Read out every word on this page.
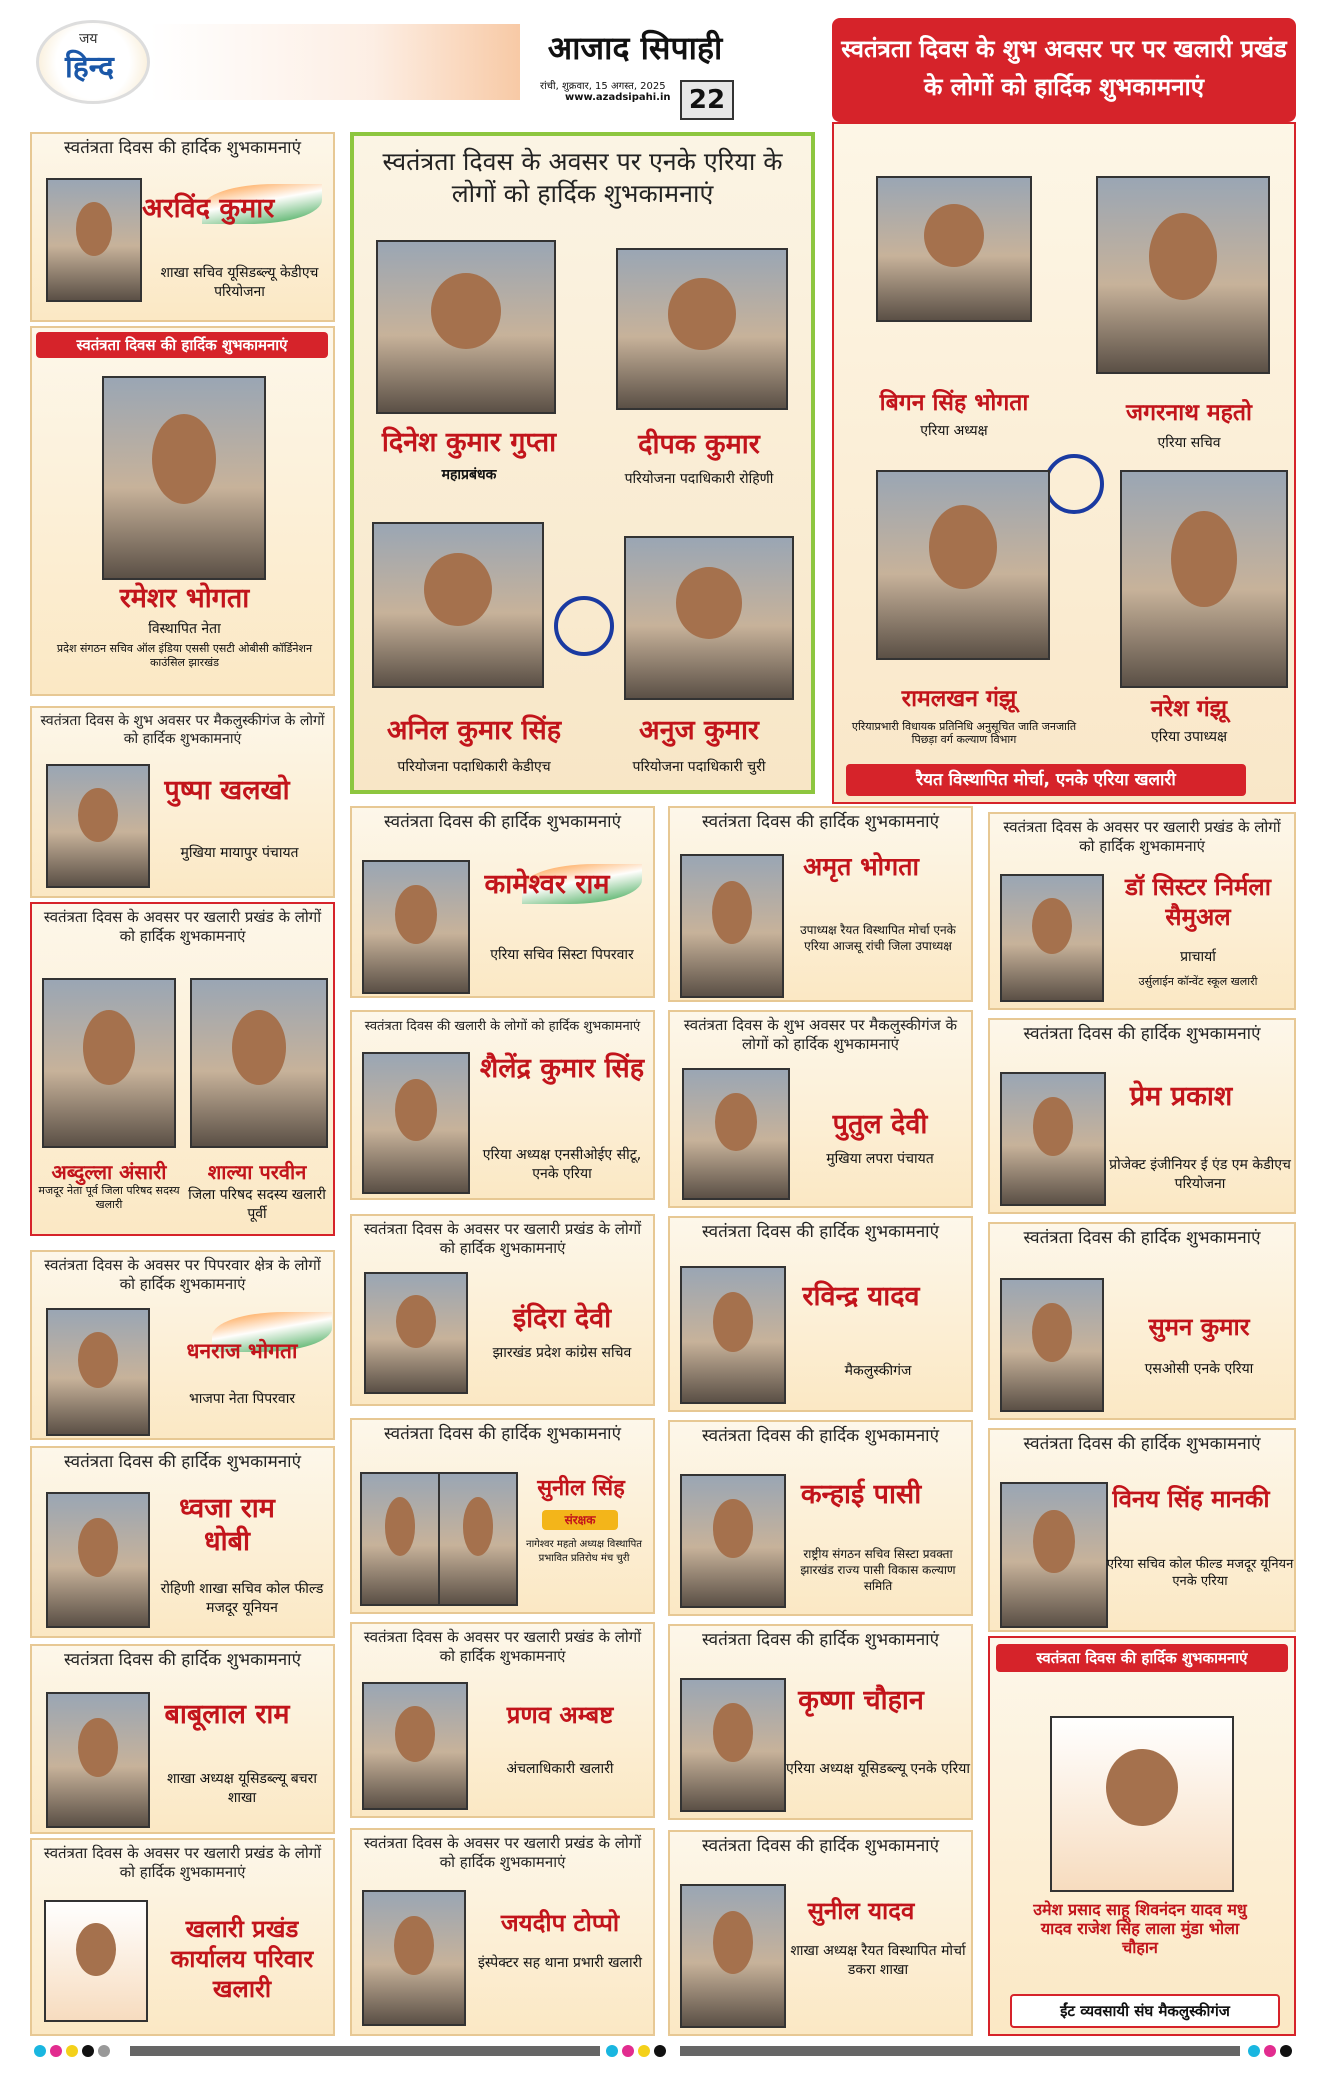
जय
हिन्द
आजाद सिपाही
रांची, शुक्रवार, 15 अगस्त, 2025
www.azadsipahi.in 22
स्वतंत्रता दिवस के शुभ अवसर पर पर खलारी प्रखंड के लोगों को हार्दिक शुभकामनाएं
स्वतंत्रता दिवस के अवसर पर एनके एरिया के लोगों को हार्दिक शुभकामनाएं
दिनेश कुमार गुप्ता
महाप्रबंधक
दीपक कुमार
परियोजना पदाधिकारी रोहिणी
अनिल कुमार सिंह
परियोजना पदाधिकारी केडीएच
अनुज कुमार
परियोजना पदाधिकारी चुरी
बिगन सिंह भोगता
एरिया अध्यक्ष
जगरनाथ महतो
एरिया सचिव
रामलखन गंझू
एरियाप्रभारी विधायक प्रतिनिधि अनुसूचित जाति जनजाति पिछड़ा वर्ग कल्याण विभाग
नरेश गंझू
एरिया उपाध्यक्ष
रैयत विस्थापित मोर्चा, एनके एरिया खलारी
स्वतंत्रता दिवस की हार्दिक शुभकामनाएं
अरविंद कुमार
शाखा सचिव यूसिडब्ल्यू केडीएच परियोजना
स्वतंत्रता दिवस की हार्दिक शुभकामनाएं
रमेशर भोगता
विस्थापित नेता
प्रदेश संगठन सचिव ऑल इंडिया एससी एसटी ओबीसी कॉर्डिनेशन काउंसिल झारखंड
स्वतंत्रता दिवस के शुभ अवसर पर मैकलुस्कीगंज के लोगों को हार्दिक शुभकामनाएं
पुष्पा खलखो
मुखिया मायापुर पंचायत
स्वतंत्रता दिवस के अवसर पर खलारी प्रखंड के लोगों को हार्दिक शुभकामनाएं
अब्दुल्ला अंसारी
मजदूर नेता पूर्व जिला परिषद सदस्य खलारी
शाल्या परवीन
जिला परिषद सदस्य खलारी पूर्वी
स्वतंत्रता दिवस के अवसर पर पिपरवार क्षेत्र के लोगों को हार्दिक शुभकामनाएं
धनराज भोगता
भाजपा नेता पिपरवार
स्वतंत्रता दिवस की हार्दिक शुभकामनाएं
ध्वजा राम धोबी
रोहिणी शाखा सचिव कोल फील्ड मजदूर यूनियन
स्वतंत्रता दिवस की हार्दिक शुभकामनाएं
बाबूलाल राम
शाखा अध्यक्ष यूसिडब्ल्यू बचरा शाखा
स्वतंत्रता दिवस के अवसर पर खलारी प्रखंड के लोगों को हार्दिक शुभकामनाएं
खलारी प्रखंड कार्यालय परिवार खलारी
स्वतंत्रता दिवस की हार्दिक शुभकामनाएं
कामेश्वर राम
एरिया सचिव सिस्टा पिपरवार
स्वतंत्रता दिवस की खलारी के लोगों को हार्दिक शुभकामनाएं
शैलेंद्र कुमार सिंह
एरिया अध्यक्ष एनसीओईए सीटू, एनके एरिया
स्वतंत्रता दिवस के अवसर पर खलारी प्रखंड के लोगों को हार्दिक शुभकामनाएं
इंदिरा देवी
झारखंड प्रदेश कांग्रेस सचिव
स्वतंत्रता दिवस की हार्दिक शुभकामनाएं
सुनील सिंह
संरक्षक
नागेश्वर महतो अध्यक्ष विस्थापित प्रभावित प्रतिरोध मंच चुरी
स्वतंत्रता दिवस के अवसर पर खलारी प्रखंड के लोगों को हार्दिक शुभकामनाएं
प्रणव अम्बष्ट
अंचलाधिकारी खलारी
स्वतंत्रता दिवस के अवसर पर खलारी प्रखंड के लोगों को हार्दिक शुभकामनाएं
जयदीप टोप्पो
इंस्पेक्टर सह थाना प्रभारी खलारी
स्वतंत्रता दिवस की हार्दिक शुभकामनाएं
अमृत भोगता
उपाध्यक्ष रैयत विस्थापित मोर्चा एनके एरिया आजसू रांची जिला उपाध्यक्ष
स्वतंत्रता दिवस के शुभ अवसर पर मैकलुस्कीगंज के लोगों को हार्दिक शुभकामनाएं
पुतुल देवी
मुखिया लपरा पंचायत
स्वतंत्रता दिवस की हार्दिक शुभकामनाएं
रविन्द्र यादव
मैकलुस्कीगंज
स्वतंत्रता दिवस की हार्दिक शुभकामनाएं
कन्हाई पासी
राष्ट्रीय संगठन सचिव सिस्टा प्रवक्ता झारखंड राज्य पासी विकास कल्याण समिति
स्वतंत्रता दिवस की हार्दिक शुभकामनाएं
कृष्णा चौहान
एरिया अध्यक्ष यूसिडब्ल्यू एनके एरिया
स्वतंत्रता दिवस की हार्दिक शुभकामनाएं
सुनील यादव
शाखा अध्यक्ष रैयत विस्थापित मोर्चा डकरा शाखा
स्वतंत्रता दिवस के अवसर पर खलारी प्रखंड के लोगों को हार्दिक शुभकामनाएं
डॉ सिस्टर निर्मला सैमुअल
प्राचार्या
उर्सुलाईन कॉन्वेंट स्कूल खलारी
स्वतंत्रता दिवस की हार्दिक शुभकामनाएं
प्रेम प्रकाश
प्रोजेक्ट इंजीनियर ई एंड एम केडीएच परियोजना
स्वतंत्रता दिवस की हार्दिक शुभकामनाएं
सुमन कुमार
एसओसी एनके एरिया
स्वतंत्रता दिवस की हार्दिक शुभकामनाएं
विनय सिंह मानकी
एरिया सचिव कोल फील्ड मजदूर यूनियन एनके एरिया
स्वतंत्रता दिवस की हार्दिक शुभकामनाएं
उमेश प्रसाद साहू शिवनंदन यादव मधु यादव राजेश सिंह लाला मुंडा भोला चौहान
ईंट व्यवसायी संघ मैकलुस्कीगंज
